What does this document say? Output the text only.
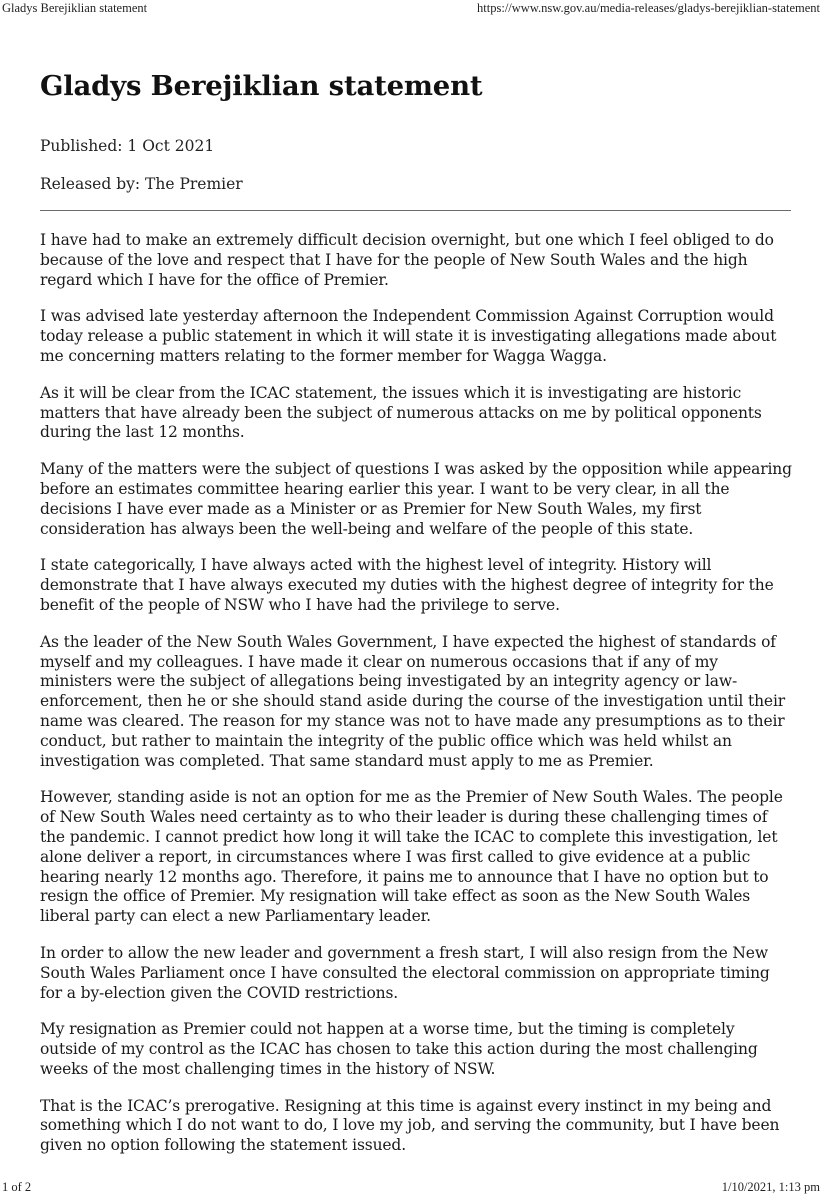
Gladys Berejiklian statement	https://www.nsw.gov.au/media-releases/gladys-berejiklian-statement
Gladys Berejiklian statement

Published: 1 Oct 2021

Released by: The Premier

I have had to make an extremely difficult decision overnight, but one which I feel obliged to do because of the love and respect that I have for the people of New South Wales and the high regard which I have for the office of Premier.

I was advised late yesterday afternoon the Independent Commission Against Corruption would today release a public statement in which it will state it is investigating allegations made about me concerning matters relating to the former member for Wagga Wagga.

As it will be clear from the ICAC statement, the issues which it is investigating are historic matters that have already been the subject of numerous attacks on me by political opponents during the last 12 months.

Many of the matters were the subject of questions I was asked by the opposition while appearing before an estimates committee hearing earlier this year. I want to be very clear, in all the decisions I have ever made as a Minister or as Premier for New South Wales, my first consideration has always been the well-being and welfare of the people of this state.

I state categorically, I have always acted with the highest level of integrity. History will demonstrate that I have always executed my duties with the highest degree of integrity for the benefit of the people of NSW who I have had the privilege to serve.

As the leader of the New South Wales Government, I have expected the highest of standards of myself and my colleagues. I have made it clear on numerous occasions that if any of my ministers were the subject of allegations being investigated by an integrity agency or law-enforcement, then he or she should stand aside during the course of the investigation until their name was cleared. The reason for my stance was not to have made any presumptions as to their conduct, but rather to maintain the integrity of the public office which was held whilst an investigation was completed. That same standard must apply to me as Premier.

However, standing aside is not an option for me as the Premier of New South Wales. The people of New South Wales need certainty as to who their leader is during these challenging times of the pandemic. I cannot predict how long it will take the ICAC to complete this investigation, let alone deliver a report, in circumstances where I was first called to give evidence at a public hearing nearly 12 months ago. Therefore, it pains me to announce that I have no option but to resign the office of Premier. My resignation will take effect as soon as the New South Wales liberal party can elect a new Parliamentary leader.

In order to allow the new leader and government a fresh start, I will also resign from the New South Wales Parliament once I have consulted the electoral commission on appropriate timing for a by-election given the COVID restrictions.

My resignation as Premier could not happen at a worse time, but the timing is completely outside of my control as the ICAC has chosen to take this action during the most challenging weeks of the most challenging times in the history of NSW.

That is the ICAC’s prerogative. Resigning at this time is against every instinct in my being and something which I do not want to do, I love my job, and serving the community, but I have been given no option following the statement issued.

1 of 2	1/10/2021, 1:13 pm
